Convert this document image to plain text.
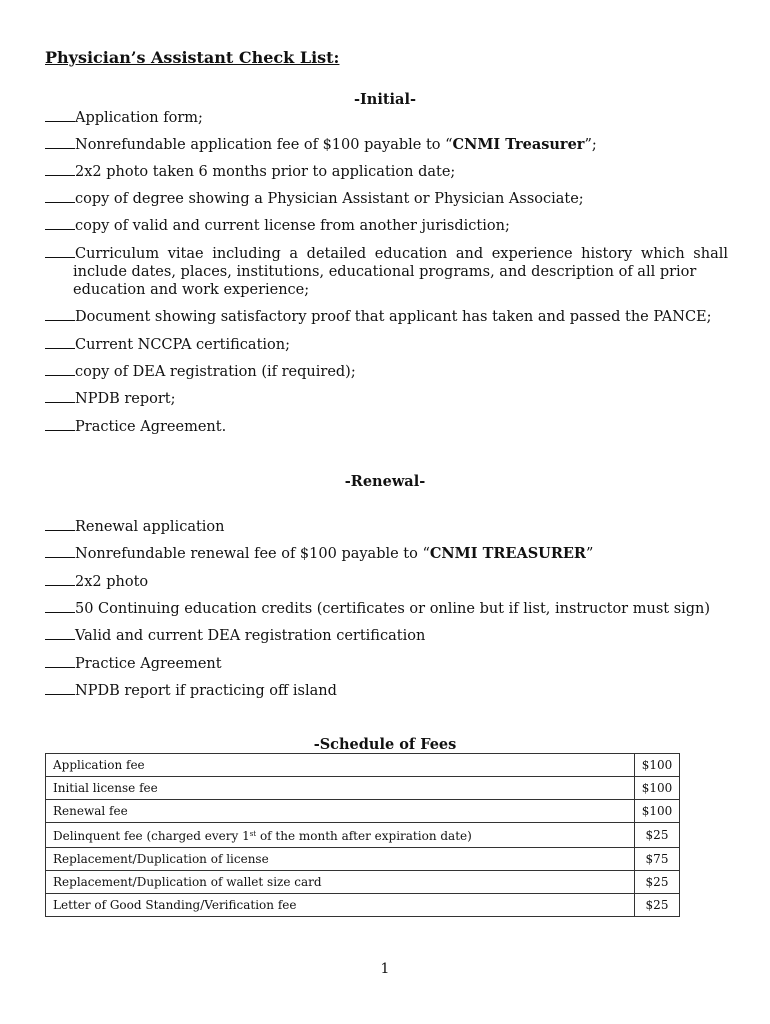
Physician’s Assistant Check List:
-Initial-
Application form;
Nonrefundable application fee of $100 payable to “CNMI Treasurer”;
2x2 photo taken 6 months prior to application date;
copy of degree showing a Physician Assistant or Physician Associate;
copy of valid and current license from another jurisdiction;
Curriculum vitae including a detailed education and experience history which shall
include dates, places, institutions, educational programs, and description of all prior
education and work experience;
Document showing satisfactory proof that applicant has taken and passed the PANCE;
Current NCCPA certification;
copy of DEA registration (if required);
NPDB report;
Practice Agreement.
-Renewal-
Renewal application
Nonrefundable renewal fee of $100 payable to “CNMI TREASURER”
2x2 photo
50 Continuing education credits (certificates or online but if list, instructor must sign)
Valid and current DEA registration certification
Practice Agreement
NPDB report if practicing off island
-Schedule of Fees
Application fee	$100
Initial license fee	$100
Renewal fee	$100
Delinquent fee (charged every 1st of the month after expiration date)	$25
Replacement/Duplication of license	$75
Replacement/Duplication of wallet size card	$25
Letter of Good Standing/Verification fee	$25
1
